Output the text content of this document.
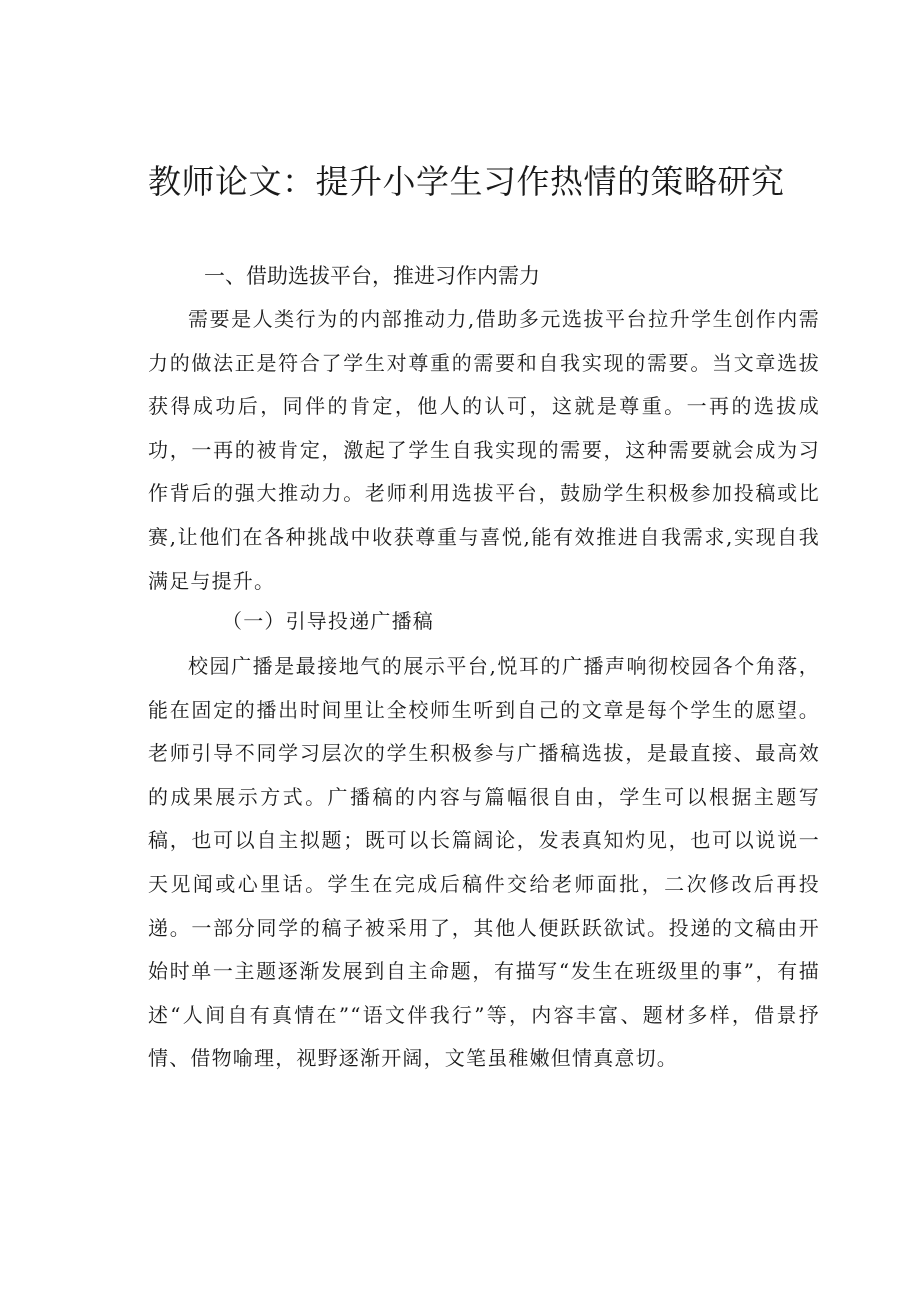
教师论文：提升小学生习作热情的策略研究
一、借助选拔平台，推进习作内需力

需要是人类行为的内部推动力,借助多元选拔平台拉升学生创作内需力的做法正是符合了学生对尊重的需要和自我实现的需要。当文章选拔获得成功后，同伴的肯定，他人的认可，这就是尊重。一再的选拔成功，一再的被肯定，激起了学生自我实现的需要，这种需要就会成为习作背后的强大推动力。老师利用选拔平台，鼓励学生积极参加投稿或比赛,让他们在各种挑战中收获尊重与喜悦,能有效推进自我需求,实现自我满足与提升。

（一）引导投递广播稿

校园广播是最接地气的展示平台,悦耳的广播声响彻校园各个角落，能在固定的播出时间里让全校师生听到自己的文章是每个学生的愿望。老师引导不同学习层次的学生积极参与广播稿选拔，是最直接、最高效的成果展示方式。广播稿的内容与篇幅很自由，学生可以根据主题写稿，也可以自主拟题；既可以长篇阔论，发表真知灼见，也可以说说一天见闻或心里话。学生在完成后稿件交给老师面批，二次修改后再投递。一部分同学的稿子被采用了，其他人便跃跃欲试。投递的文稿由开始时单一主题逐渐发展到自主命题，有描写“发生在班级里的事”，有描述“人间自有真情在”“语文伴我行”等，内容丰富、题材多样，借景抒情、借物喻理，视野逐渐开阔，文笔虽稚嫩但情真意切。
